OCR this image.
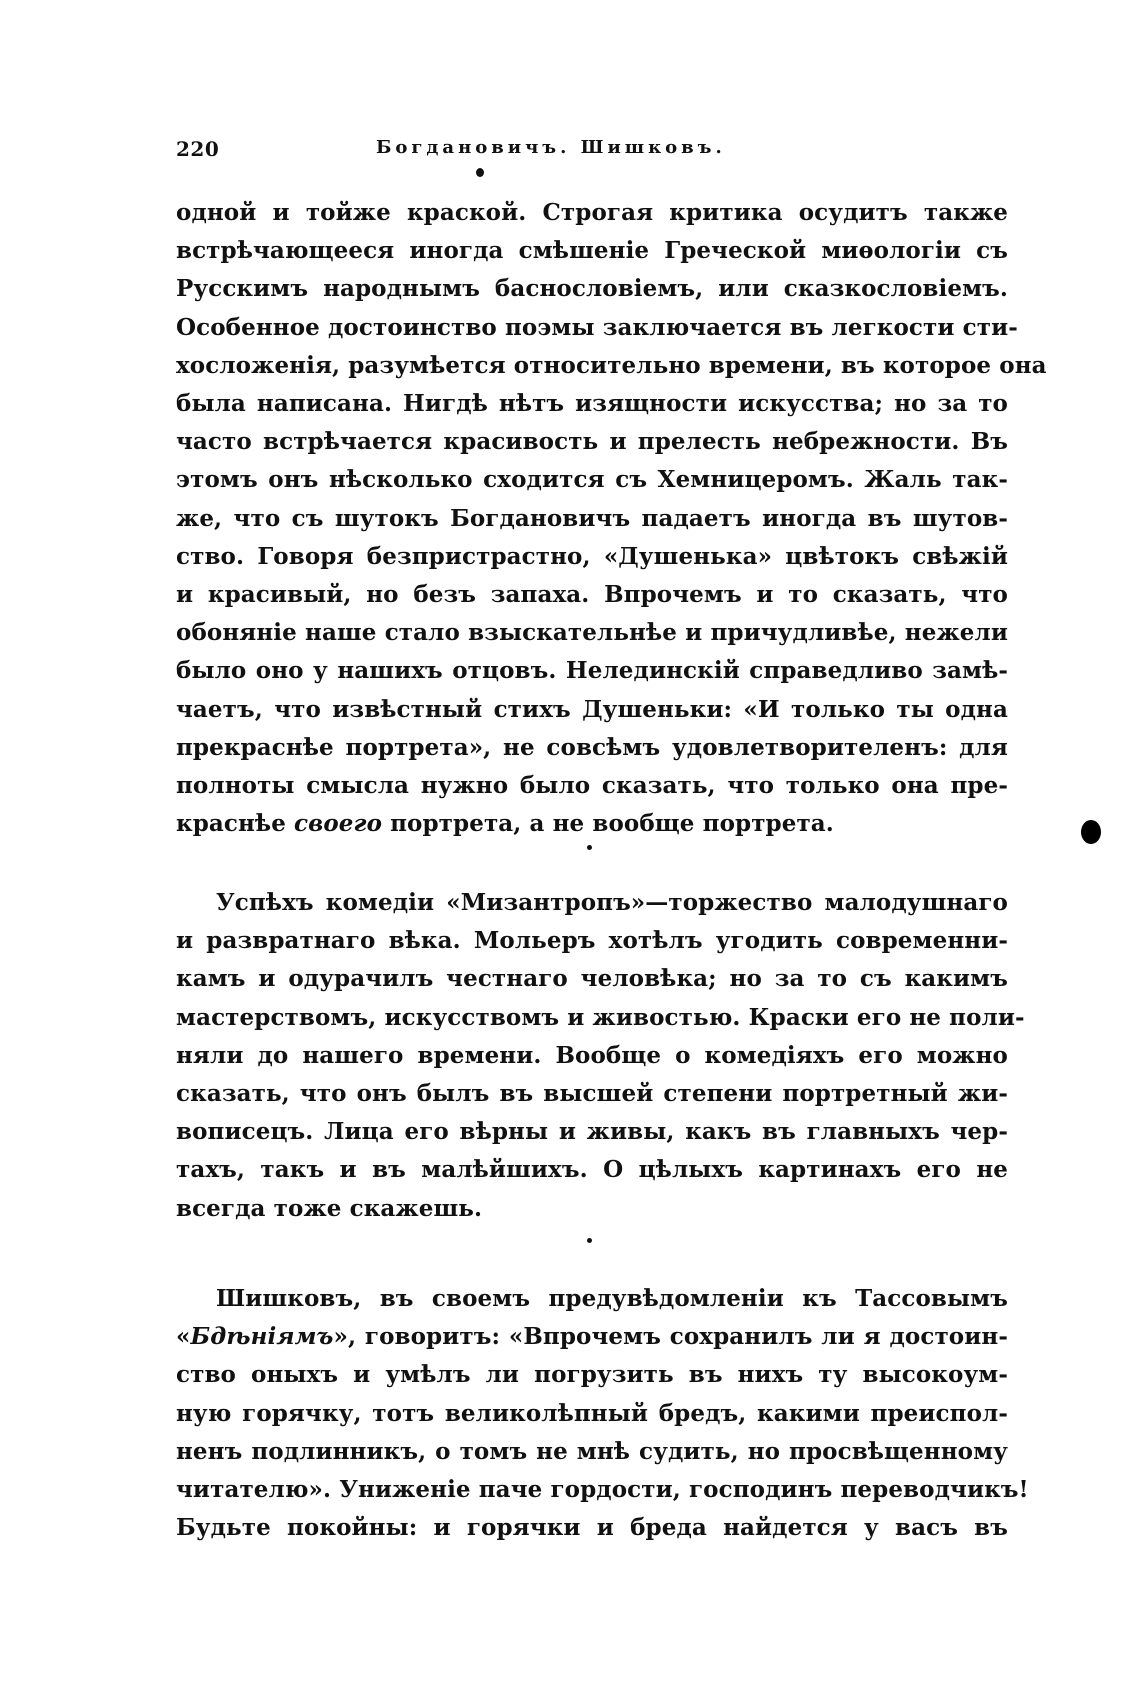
220	Богдановичъ. Шишковъ.
одной и тойже краской. Строгая критика осудитъ также
встрѣчающееся иногда смѣшеніе Греческой миѳологіи съ
Русскимъ народнымъ баснословіемъ, или сказкословіемъ.
Особенное достоинство поэмы заключается въ легкости сти-
хосложенія, разумѣется относительно времени, въ которое она
была написана. Нигдѣ нѣтъ изящности искусства; но за то
часто встрѣчается красивость и прелесть небрежности. Въ
этомъ онъ нѣсколько сходится съ Хемницеромъ. Жаль так-
же, что съ шутокъ Богдановичъ падаетъ иногда въ шутов-
ство. Говоря безпристрастно, «Душенька» цвѣтокъ свѣжій
и красивый, но безъ запаха. Впрочемъ и то сказать, что
обоняніе наше стало взыскательнѣе и причудливѣе, нежели
было оно у нашихъ отцовъ. Нелединскій справедливо замѣ-
чаетъ, что извѣстный стихъ Душеньки: «И только ты одна
прекраснѣе портрета», не совсѣмъ удовлетворителенъ: для
полноты смысла нужно было сказать, что только она пре-
краснѣе своего портрета, а не вообще портрета.
Успѣхъ комедіи «Мизантропъ»—торжество малодушнаго
и развратнаго вѣка. Мольеръ хотѣлъ угодить современни-
камъ и одурачилъ честнаго человѣка; но за то съ какимъ
мастерствомъ, искусствомъ и живостью. Краски его не поли-
няли до нашего времени. Вообще о комедіяхъ его можно
сказать, что онъ былъ въ высшей степени портретный жи-
вописецъ. Лица его вѣрны и живы, какъ въ главныхъ чер-
тахъ, такъ и въ малѣйшихъ. О цѣлыхъ картинахъ его не
всегда тоже скажешь.
Шишковъ, въ своемъ предувѣдомленіи къ Тассовымъ
«Бдѣніямъ», говоритъ: «Впрочемъ сохранилъ ли я достоин-
ство оныхъ и умѣлъ ли погрузить въ нихъ ту высокоум-
ную горячку, тотъ великолѣпный бредъ, какими преиспол-
ненъ подлинникъ, о томъ не мнѣ судить, но просвѣщенному
читателю». Униженіе паче гордости, господинъ переводчикъ!
Будьте покойны: и горячки и бреда найдется у васъ въ
